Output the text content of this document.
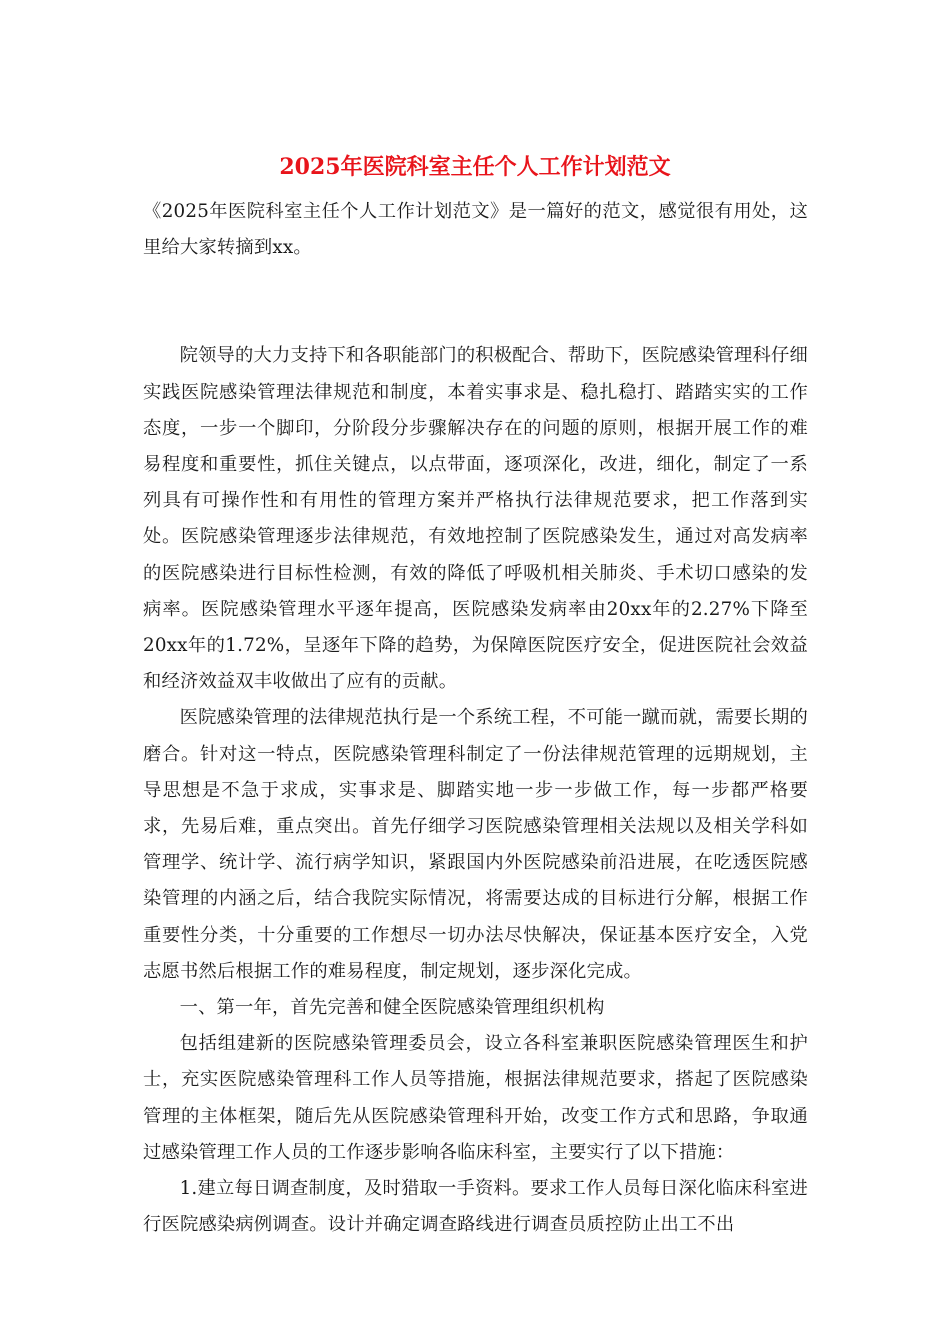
2025年医院科室主任个人工作计划范文

《2025年医院科室主任个人工作计划范文》是一篇好的范文，感觉很有用处，这里给大家转摘到xx。

院领导的大力支持下和各职能部门的积极配合、帮助下，医院感染管理科仔细实践医院感染管理法律规范和制度，本着实事求是、稳扎稳打、踏踏实实的工作态度，一步一个脚印，分阶段分步骤解决存在的问题的原则，根据开展工作的难易程度和重要性，抓住关键点，以点带面，逐项深化，改进，细化，制定了一系列具有可操作性和有用性的管理方案并严格执行法律规范要求，把工作落到实处。医院感染管理逐步法律规范，有效地控制了医院感染发生，通过对高发病率的医院感染进行目标性检测，有效的降低了呼吸机相关肺炎、手术切口感染的发病率。医院感染管理水平逐年提高，医院感染发病率由20xx年的2.27%下降至20xx年的1.72%，呈逐年下降的趋势，为保障医院医疗安全，促进医院社会效益和经济效益双丰收做出了应有的贡献。

医院感染管理的法律规范执行是一个系统工程，不可能一蹴而就，需要长期的磨合。针对这一特点，医院感染管理科制定了一份法律规范管理的远期规划，主导思想是不急于求成，实事求是、脚踏实地一步一步做工作，每一步都严格要求，先易后难，重点突出。首先仔细学习医院感染管理相关法规以及相关学科如管理学、统计学、流行病学知识，紧跟国内外医院感染前沿进展，在吃透医院感染管理的内涵之后，结合我院实际情况，将需要达成的目标进行分解，根据工作重要性分类，十分重要的工作想尽一切办法尽快解决，保证基本医疗安全，入党志愿书然后根据工作的难易程度，制定规划，逐步深化完成。

一、第一年，首先完善和健全医院感染管理组织机构

包括组建新的医院感染管理委员会，设立各科室兼职医院感染管理医生和护士，充实医院感染管理科工作人员等措施，根据法律规范要求，搭起了医院感染管理的主体框架，随后先从医院感染管理科开始，改变工作方式和思路，争取通过感染管理工作人员的工作逐步影响各临床科室，主要实行了以下措施：

1.建立每日调查制度，及时猎取一手资料。要求工作人员每日深化临床科室进行医院感染病例调查。设计并确定调查路线进行调查员质控防止出工不出
